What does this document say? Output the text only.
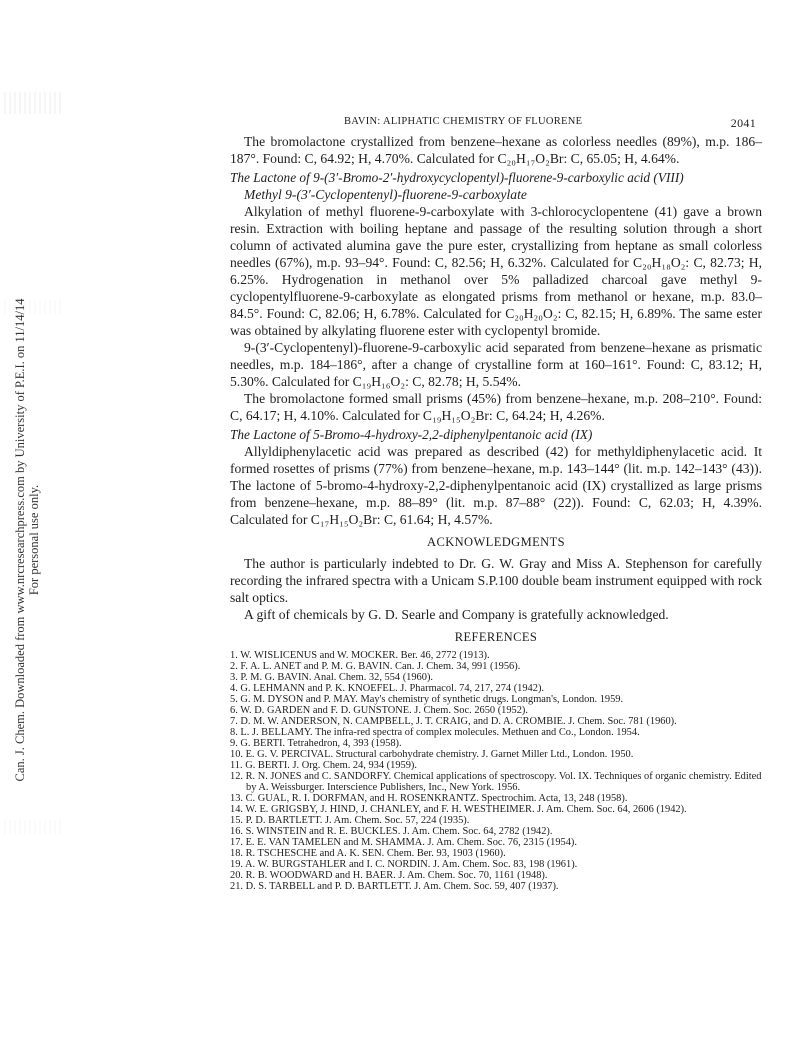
Can. J. Chem. Downloaded from www.nrcresearchpress.com by University of P.E.I. on 11/14/14 For personal use only.
BAVIN: ALIPHATIC CHEMISTRY OF FLUORENE	2041

The bromolactone crystallized from benzene–hexane as colorless needles (89%), m.p. 186–187°. Found: C, 64.92; H, 4.70%. Calculated for C₂₀H₁₇O₂Br: C, 65.05; H, 4.64%.

The Lactone of 9-(3′-Bromo-2′-hydroxycyclopentyl)-fluorene-9-carboxylic acid (VIII)

Methyl 9-(3′-Cyclopentenyl)-fluorene-9-carboxylate

Alkylation of methyl fluorene-9-carboxylate with 3-chlorocyclopentene (41) gave a brown resin. Extraction with boiling heptane and passage of the resulting solution through a short column of activated alumina gave the pure ester, crystallizing from heptane as small colorless needles (67%), m.p. 93–94°. Found: C, 82.56; H, 6.32%. Calculated for C₂₀H₁₈O₂: C, 82.73; H, 6.25%. Hydrogenation in methanol over 5% palladized charcoal gave methyl 9-cyclopentylfluorene-9-carboxylate as elongated prisms from methanol or hexane, m.p. 83.0–84.5°. Found: C, 82.06; H, 6.78%. Calculated for C₂₀H₂₀O₂: C, 82.15; H, 6.89%. The same ester was obtained by alkylating fluorene ester with cyclopentyl bromide.

9-(3′-Cyclopentenyl)-fluorene-9-carboxylic acid separated from benzene–hexane as prismatic needles, m.p. 184–186°, after a change of crystalline form at 160–161°. Found: C, 83.12; H, 5.30%. Calculated for C₁₉H₁₆O₂: C, 82.78; H, 5.54%.

The bromolactone formed small prisms (45%) from benzene–hexane, m.p. 208–210°. Found: C, 64.17; H, 4.10%. Calculated for C₁₉H₁₅O₂Br: C, 64.24; H, 4.26%.

The Lactone of 5-Bromo-4-hydroxy-2,2-diphenylpentanoic acid (IX)

Allyldiphenylacetic acid was prepared as described (42) for methyldiphenylacetic acid. It formed rosettes of prisms (77%) from benzene–hexane, m.p. 143–144° (lit. m.p. 142–143° (43)). The lactone of 5-bromo-4-hydroxy-2,2-diphenylpentanoic acid (IX) crystallized as large prisms from benzene–hexane, m.p. 88–89° (lit. m.p. 87–88° (22)). Found: C, 62.03; H, 4.39%. Calculated for C₁₇H₁₅O₂Br: C, 61.64; H, 4.57%.

ACKNOWLEDGMENTS

The author is particularly indebted to Dr. G. W. Gray and Miss A. Stephenson for carefully recording the infrared spectra with a Unicam S.P.100 double beam instrument equipped with rock salt optics.

A gift of chemicals by G. D. Searle and Company is gratefully acknowledged.

REFERENCES
1. W. WISLICENUS and W. MOCKER. Ber. 46, 2772 (1913).
2. F. A. L. ANET and P. M. G. BAVIN. Can. J. Chem. 34, 991 (1956).
3. P. M. G. BAVIN. Anal. Chem. 32, 554 (1960).
4. G. LEHMANN and P. K. KNOEFEL. J. Pharmacol. 74, 217, 274 (1942).
5. G. M. DYSON and P. MAY. May's chemistry of synthetic drugs. Longman's, London. 1959.
6. W. D. GARDEN and F. D. GUNSTONE. J. Chem. Soc. 2650 (1952).
7. D. M. W. ANDERSON, N. CAMPBELL, J. T. CRAIG, and D. A. CROMBIE. J. Chem. Soc. 781 (1960).
8. L. J. BELLAMY. The infra-red spectra of complex molecules. Methuen and Co., London. 1954.
9. G. BERTI. Tetrahedron, 4, 393 (1958).
10. E. G. V. PERCIVAL. Structural carbohydrate chemistry. J. Garnet Miller Ltd., London. 1950.
11. G. BERTI. J. Org. Chem. 24, 934 (1959).
12. R. N. JONES and C. SANDORFY. Chemical applications of spectroscopy. Vol. IX. Techniques of organic chemistry. Edited by A. Weissburger. Interscience Publishers, Inc., New York. 1956.
13. C. GUAL, R. I. DORFMAN, and H. ROSENKRANTZ. Spectrochim. Acta, 13, 248 (1958).
14. W. E. GRIGSBY, J. HIND, J. CHANLEY, and F. H. WESTHEIMER. J. Am. Chem. Soc. 64, 2606 (1942).
15. P. D. BARTLETT. J. Am. Chem. Soc. 57, 224 (1935).
16. S. WINSTEIN and R. E. BUCKLES. J. Am. Chem. Soc. 64, 2782 (1942).
17. E. E. VAN TAMELEN and M. SHAMMA. J. Am. Chem. Soc. 76, 2315 (1954).
18. R. TSCHESCHE and A. K. SEN. Chem. Ber. 93, 1903 (1960).
19. A. W. BURGSTAHLER and I. C. NORDIN. J. Am. Chem. Soc. 83, 198 (1961).
20. R. B. WOODWARD and H. BAER. J. Am. Chem. Soc. 70, 1161 (1948).
21. D. S. TARBELL and P. D. BARTLETT. J. Am. Chem. Soc. 59, 407 (1937).
